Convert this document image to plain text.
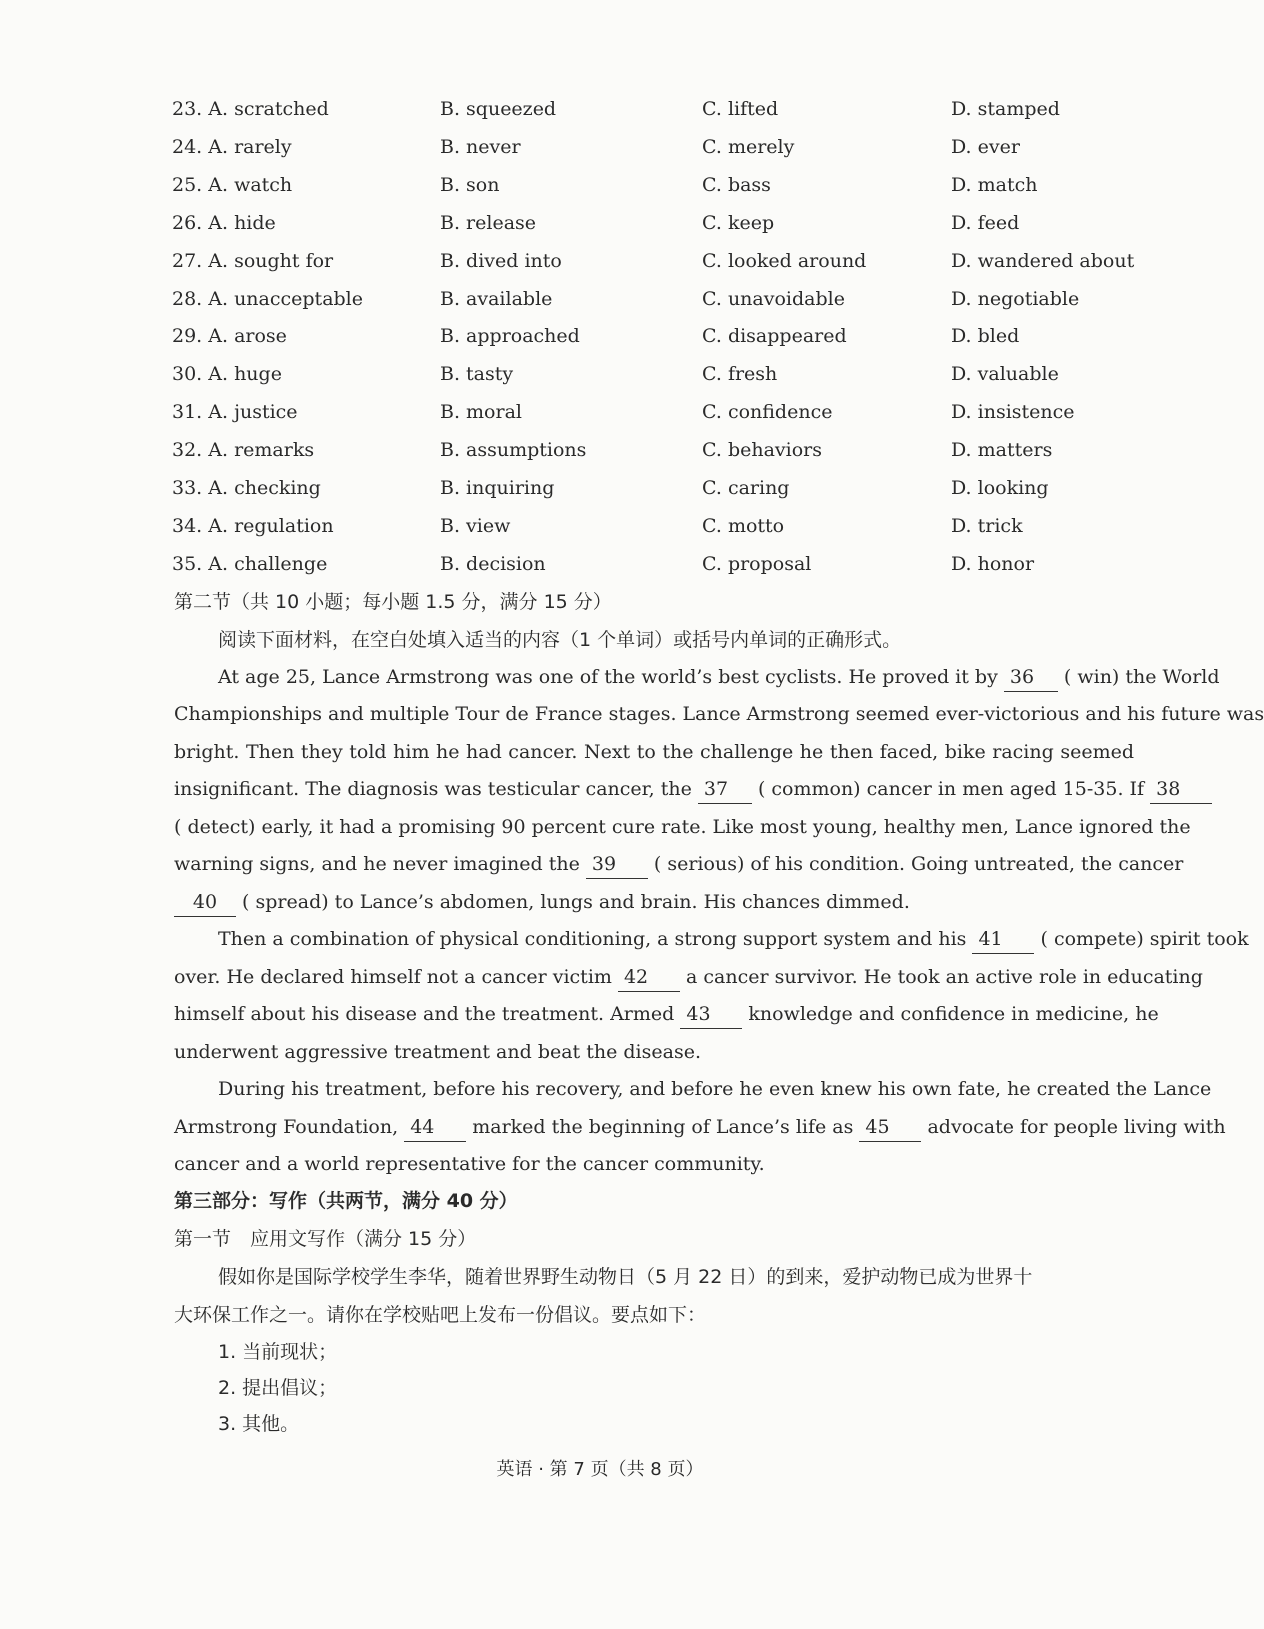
23. A. scratched	B. squeezed	C. lifted	D. stamped
24. A. rarely	B. never	C. merely	D. ever
25. A. watch	B. son	C. bass	D. match
26. A. hide	B. release	C. keep	D. feed
27. A. sought for	B. dived into	C. looked around	D. wandered about
28. A. unacceptable	B. available	C. unavoidable	D. negotiable
29. A. arose	B. approached	C. disappeared	D. bled
30. A. huge	B. tasty	C. fresh	D. valuable
31. A. justice	B. moral	C. confidence	D. insistence
32. A. remarks	B. assumptions	C. behaviors	D. matters
33. A. checking	B. inquiring	C. caring	D. looking
34. A. regulation	B. view	C. motto	D. trick
35. A. challenge	B. decision	C. proposal	D. honor
第二节（共 10 小题；每小题 1.5 分，满分 15 分）
阅读下面材料，在空白处填入适当的内容（1 个单词）或括号内单词的正确形式。
At age 25, Lance Armstrong was one of the world’s best cyclists. He proved it by 36 ( win) the World
Championships and multiple Tour de France stages. Lance Armstrong seemed ever-victorious and his future was
bright. Then they told him he had cancer. Next to the challenge he then faced, bike racing seemed
insignificant. The diagnosis was testicular cancer, the 37 ( common) cancer in men aged 15-35. If 38
( detect) early, it had a promising 90 percent cure rate. Like most young, healthy men, Lance ignored the
warning signs, and he never imagined the 39 ( serious) of his condition. Going untreated, the cancer
40 ( spread) to Lance’s abdomen, lungs and brain. His chances dimmed.
Then a combination of physical conditioning, a strong support system and his 41 ( compete) spirit took
over. He declared himself not a cancer victim 42 a cancer survivor. He took an active role in educating
himself about his disease and the treatment. Armed 43 knowledge and confidence in medicine, he
underwent aggressive treatment and beat the disease.
During his treatment, before his recovery, and before he even knew his own fate, he created the Lance
Armstrong Foundation, 44 marked the beginning of Lance’s life as 45 advocate for people living with
cancer and a world representative for the cancer community.
第三部分：写作（共两节，满分 40 分）
第一节　应用文写作（满分 15 分）
假如你是国际学校学生李华，随着世界野生动物日（5 月 22 日）的到来，爱护动物已成为世界十
大环保工作之一。请你在学校贴吧上发布一份倡议。要点如下：
1. 当前现状；
2. 提出倡议；
3. 其他。
英语 · 第 7 页（共 8 页）
